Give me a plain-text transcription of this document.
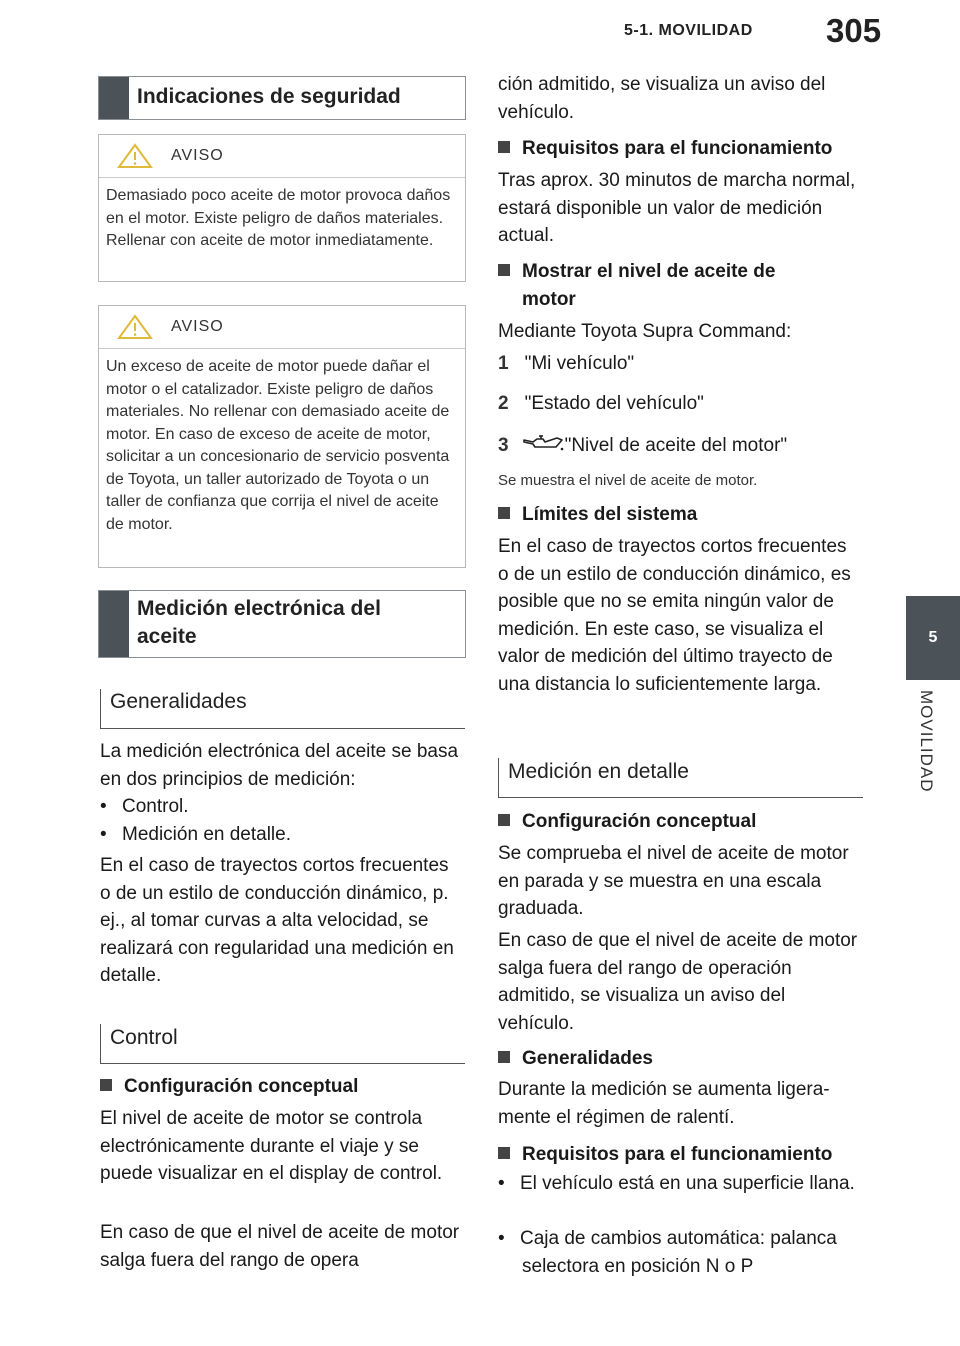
5-1. MOVILIDAD 305
5
MOVILIDAD
Indicaciones de seguridad
AVISO
Demasiado poco aceite de motor provoca daños en el motor. Existe peligro de daños materiales. Rellenar con aceite de motor inmediatamente.
AVISO
Un exceso de aceite de motor puede dañar el motor o el catalizador. Existe peligro de daños materiales. No rellenar con demasiado aceite de motor. En caso de exceso de aceite de motor, solicitar a un concesionario de servicio posventa de Toyota, un taller autorizado de Toyota o un taller de confianza que corrija el nivel de aceite de motor.
Medición electrónica del aceite
Generalidades
La medición electrónica del aceite se basa en dos principios de medición:
• Control.
• Medición en detalle.
En el caso de trayectos cortos frecuentes o de un estilo de conducción dinámico, p. ej., al tomar curvas a alta velocidad, se realizará con regularidad una medición en detalle.
Control
Configuración conceptual
El nivel de aceite de motor se controla electrónicamente durante el viaje y se puede visualizar en el display de control.
En caso de que el nivel de aceite de motor salga fuera del rango de opera
ción admitido, se visualiza un aviso del vehículo.
Requisitos para el funcionamiento
Tras aprox. 30 minutos de marcha normal, estará disponible un valor de medición actual.
Mostrar el nivel de aceite de motor
Mediante Toyota Supra Command:
1 "Mi vehículo"
2 "Estado del vehículo"
3	"Nivel de aceite del motor"
Se muestra el nivel de aceite de motor.
Límites del sistema
En el caso de trayectos cortos frecuentes o de un estilo de conducción dinámico, es posible que no se emita ningún valor de medición. En este caso, se visualiza el valor de medición del último trayecto de una distancia lo suficientemente larga.
Medición en detalle
Configuración conceptual
Se comprueba el nivel de aceite de motor en parada y se muestra en una escala graduada.
En caso de que el nivel de aceite de motor salga fuera del rango de operación admitido, se visualiza un aviso del vehículo.
Generalidades
Durante la medición se aumenta ligeramente el régimen de ralentí.
Requisitos para el funcionamiento
• El vehículo está en una superficie llana.
• Caja de cambios automática: palanca selectora en posición N o P
